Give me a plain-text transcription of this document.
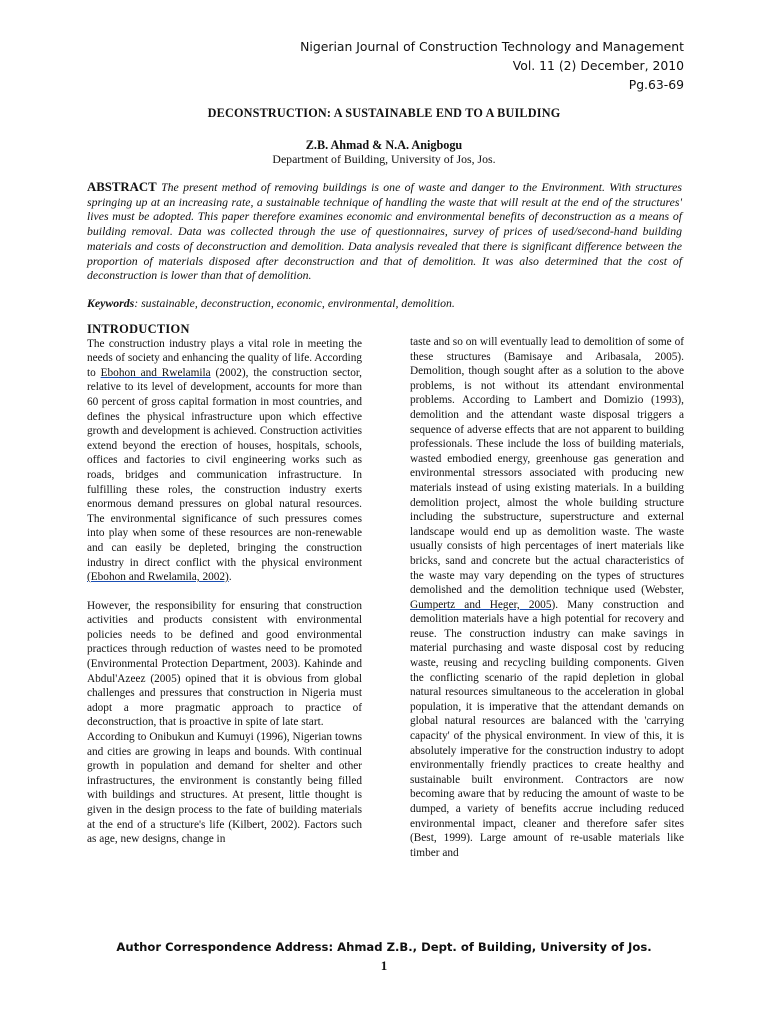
Nigerian Journal of Construction Technology and Management
Vol. 11 (2) December, 2010
Pg.63-69
DECONSTRUCTION: A SUSTAINABLE END TO A BUILDING
Z.B. Ahmad & N.A. Anigbogu
Department of Building, University of Jos, Jos.
ABSTRACT The present method of removing buildings is one of waste and danger to the Environment. With structures springing up at an increasing rate, a sustainable technique of handling the waste that will result at the end of the structures' lives must be adopted. This paper therefore examines economic and environmental benefits of deconstruction as a means of building removal. Data was collected through the use of questionnaires, survey of prices of used/second-hand building materials and costs of deconstruction and demolition. Data analysis revealed that there is significant difference between the proportion of materials disposed after deconstruction and that of demolition. It was also determined that the cost of deconstruction is lower than that of demolition.
Keywords: sustainable, deconstruction, economic, environmental, demolition.

INTRODUCTION

The construction industry plays a vital role in meeting the needs of society and enhancing the quality of life. According to Ebohon and Rwelamila (2002), the construction sector, relative to its level of development, accounts for more than 60 percent of gross capital formation in most countries, and defines the physical infrastructure upon which effective growth and development is achieved. Construction activities extend beyond the erection of houses, hospitals, schools, offices and factories to civil engineering works such as roads, bridges and communication infrastructure. In fulfilling these roles, the construction industry exerts enormous demand pressures on global natural resources. The environmental significance of such pressures comes into play when some of these resources are non-renewable and can easily be depleted, bringing the construction industry in direct conflict with the physical environment (Ebohon and Rwelamila, 2002).

However, the responsibility for ensuring that construction activities and products consistent with environmental policies needs to be defined and good environmental practices through reduction of wastes need to be promoted (Environmental Protection Department, 2003). Kahinde and Abdul'Azeez (2005) opined that it is obvious from global challenges and pressures that construction in Nigeria must adopt a more pragmatic approach to practice of deconstruction, that is proactive in spite of late start.

According to Onibukun and Kumuyi (1996), Nigerian towns and cities are growing in leaps and bounds. With continual growth in population and demand for shelter and other infrastructures, the environment is constantly being filled with buildings and structures. At present, little thought is given in the design process to the fate of building materials at the end of a structure's life (Kilbert, 2002). Factors such as age, new designs, change in

taste and so on will eventually lead to demolition of some of these structures (Bamisaye and Aribasala, 2005). Demolition, though sought after as a solution to the above problems, is not without its attendant environmental problems. According to Lambert and Domizio (1993), demolition and the attendant waste disposal triggers a sequence of adverse effects that are not apparent to building professionals. These include the loss of building materials, wasted embodied energy, greenhouse gas generation and environmental stressors associated with producing new materials instead of using existing materials. In a building demolition project, almost the whole building structure including the substructure, superstructure and external landscape would end up as demolition waste. The waste usually consists of high percentages of inert materials like bricks, sand and concrete but the actual characteristics of the waste may vary depending on the types of structures demolished and the demolition technique used (Webster, Gumpertz and Heger, 2005). Many construction and demolition materials have a high potential for recovery and reuse. The construction industry can make savings in material purchasing and waste disposal cost by reducing waste, reusing and recycling building components. Given the conflicting scenario of the rapid depletion in global natural resources simultaneous to the acceleration in global population, it is imperative that the attendant demands on global natural resources are balanced with the 'carrying capacity' of the physical environment. In view of this, it is absolutely imperative for the construction industry to adopt environmentally friendly practices to create healthy and sustainable built environment. Contractors are now becoming aware that by reducing the amount of waste to be dumped, a variety of benefits accrue including reduced environmental impact, cleaner and therefore safer sites (Best, 1999). Large amount of re-usable materials like timber and

Author Correspondence Address: Ahmad Z.B., Dept. of Building, University of Jos.
1
